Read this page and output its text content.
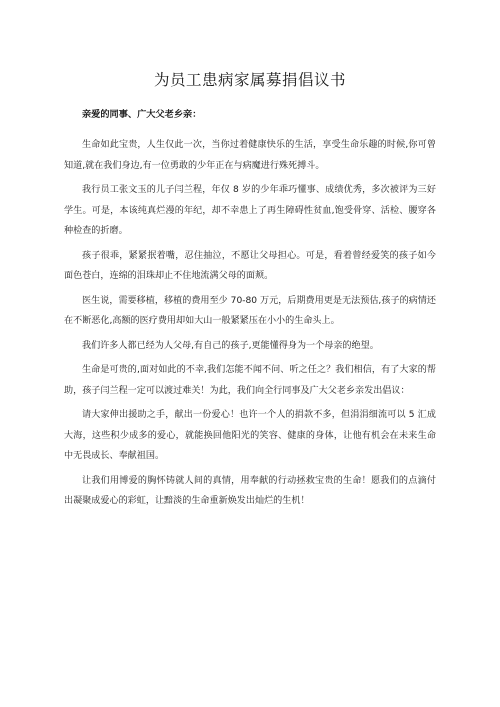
为员工患病家属募捐倡议书
亲爱的同事、广大父老乡亲：

生命如此宝贵，人生仅此一次，当你过着健康快乐的生活，享受生命乐趣的时候,你可曾知道,就在我们身边,有一位勇敢的少年正在与病魔进行殊死搏斗。

我行员工张文玉的儿子闫兰程，年仅 8 岁的少年乖巧懂事、成绩优秀，多次被评为三好学生。可是，本该纯真烂漫的年纪，却不幸患上了再生障碍性贫血,饱受骨穿、活检、腰穿各种检查的折磨。

孩子很乖，紧紧抿着嘴，忍住抽泣，不愿让父母担心。可是，看着曾经爱笑的孩子如今面色苍白，连绵的泪珠却止不住地流满父母的面颊。

医生说，需要移植，移植的费用至少 70-80 万元，后期费用更是无法预估,孩子的病情还在不断恶化,高额的医疗费用却如大山一般紧紧压在小小的生命头上。

我们许多人都已经为人父母,有自己的孩子,更能懂得身为一个母亲的绝望。

生命是可贵的,面对如此的不幸,我们怎能不闻不问、听之任之？我们相信，有了大家的帮助，孩子闫兰程一定可以渡过难关！为此，我们向全行同事及广大父老乡亲发出倡议：

请大家伸出援助之手，献出一份爱心！也许一个人的捐款不多，但涓涓细流可以 5 汇成大海，这些积少成多的爱心，就能换回他阳光的笑容、健康的身体，让他有机会在未来生命中无畏成长、奉献祖国。

让我们用博爱的胸怀铸就人间的真情，用奉献的行动拯救宝贵的生命！愿我们的点滴付出凝聚成爱心的彩虹，让黯淡的生命重新焕发出灿烂的生机！
